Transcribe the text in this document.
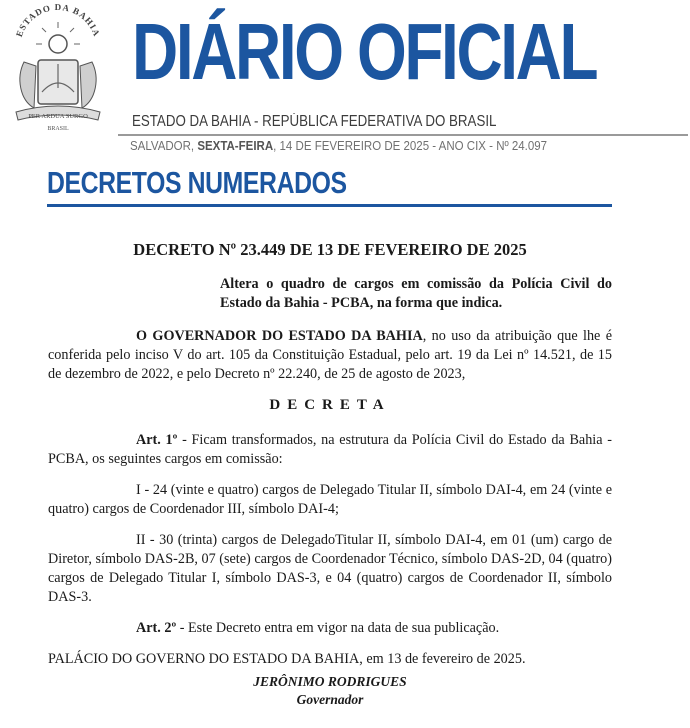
ESTADO DA BAHIA
PER ARDUA SURGO
BRASIL
DIÁRIO OFICIAL
ESTADO DA BAHIA - REPÚBLICA FEDERATIVA DO BRASIL
SALVADOR, SEXTA-FEIRA, 14 DE FEVEREIRO DE 2025 - ANO CIX - Nº 24.097
DECRETOS NUMERADOS
DECRETO Nº 23.449 DE 13 DE FEVEREIRO DE 2025
Altera o quadro de cargos em comissão da Polícia Civil do Estado da Bahia - PCBA, na forma que indica.

O GOVERNADOR DO ESTADO DA BAHIA, no uso da atribuição que lhe é conferida pelo inciso V do art. 105 da Constituição Estadual, pelo art. 19 da Lei nº 14.521, de 15 de dezembro de 2022, e pelo Decreto nº 22.240, de 25 de agosto de 2023,

DECRETA

Art. 1º - Ficam transformados, na estrutura da Polícia Civil do Estado da Bahia - PCBA, os seguintes cargos em comissão:

I - 24 (vinte e quatro) cargos de Delegado Titular II, símbolo DAI-4, em 24 (vinte e quatro) cargos de Coordenador III, símbolo DAI-4;

II - 30 (trinta) cargos de DelegadoTitular II, símbolo DAI-4, em 01 (um) cargo de Diretor, símbolo DAS-2B, 07 (sete) cargos de Coordenador Técnico, símbolo DAS-2D, 04 (quatro) cargos de Delegado Titular I, símbolo DAS-3, e 04 (quatro) cargos de Coordenador II, símbolo DAS-3.

Art. 2º - Este Decreto entra em vigor na data de sua publicação.

PALÁCIO DO GOVERNO DO ESTADO DA BAHIA, em 13 de fevereiro de 2025.

JERÔNIMO RODRIGUES
Governador
